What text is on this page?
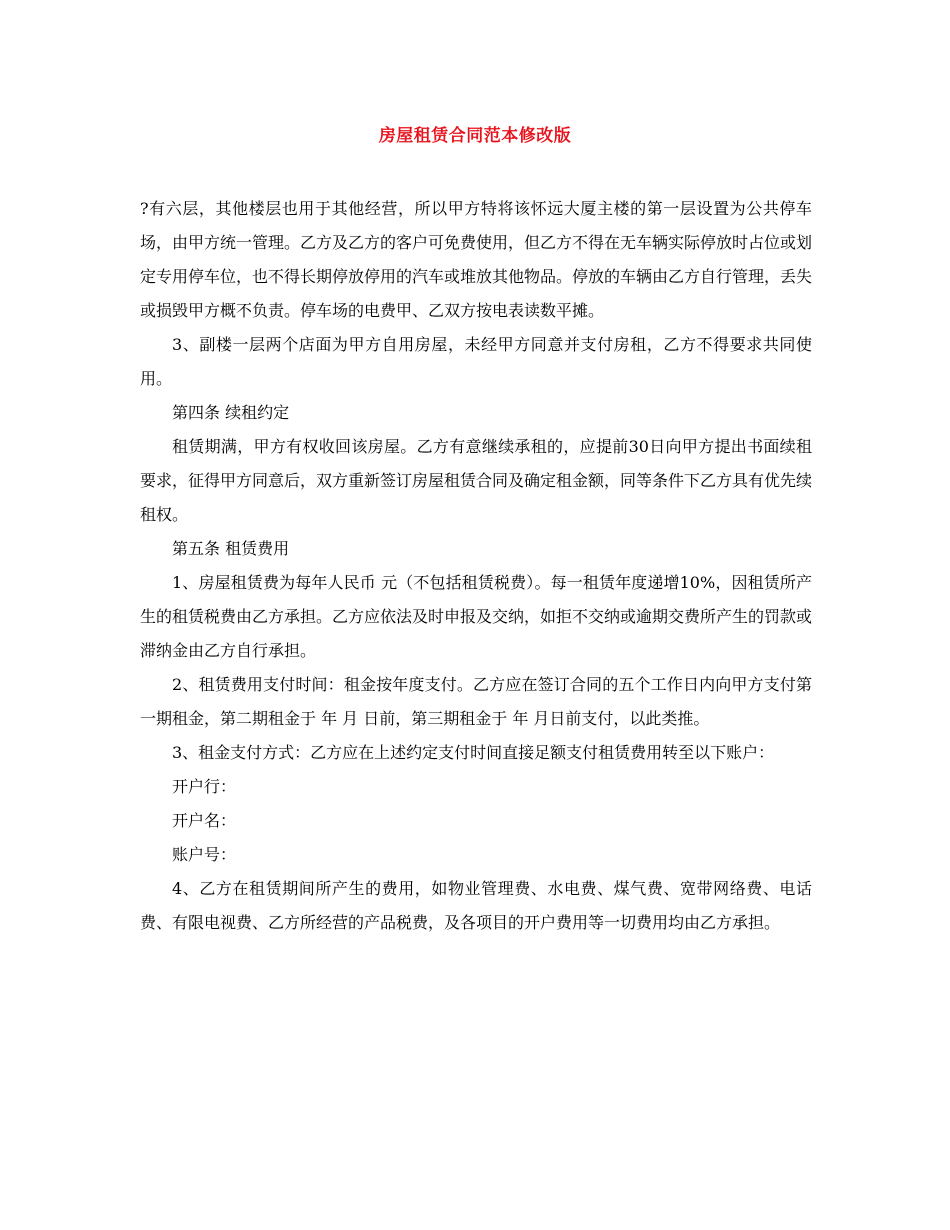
房屋租赁合同范本修改版

?有六层，其他楼层也用于其他经营，所以甲方特将该怀远大厦主楼的第一层设置为公共停车场，由甲方统一管理。乙方及乙方的客户可免费使用，但乙方不得在无车辆实际停放时占位或划定专用停车位，也不得长期停放停用的汽车或堆放其他物品。停放的车辆由乙方自行管理，丢失或损毁甲方概不负责。停车场的电费甲、乙双方按电表读数平摊。

3、副楼一层两个店面为甲方自用房屋，未经甲方同意并支付房租，乙方不得要求共同使用。

第四条 续租约定

租赁期满，甲方有权收回该房屋。乙方有意继续承租的，应提前30日向甲方提出书面续租要求，征得甲方同意后，双方重新签订房屋租赁合同及确定租金额，同等条件下乙方具有优先续租权。

第五条 租赁费用

1、房屋租赁费为每年人民币 元（不包括租赁税费）。每一租赁年度递增10%，因租赁所产生的租赁税费由乙方承担。乙方应依法及时申报及交纳，如拒不交纳或逾期交费所产生的罚款或滞纳金由乙方自行承担。

2、租赁费用支付时间：租金按年度支付。乙方应在签订合同的五个工作日内向甲方支付第一期租金，第二期租金于 年 月 日前，第三期租金于 年 月日前支付，以此类推。

3、租金支付方式：乙方应在上述约定支付时间直接足额支付租赁费用转至以下账户：

开户行：

开户名：

账户号：

4、乙方在租赁期间所产生的费用，如物业管理费、水电费、煤气费、宽带网络费、电话费、有限电视费、乙方所经营的产品税费，及各项目的开户费用等一切费用均由乙方承担。
